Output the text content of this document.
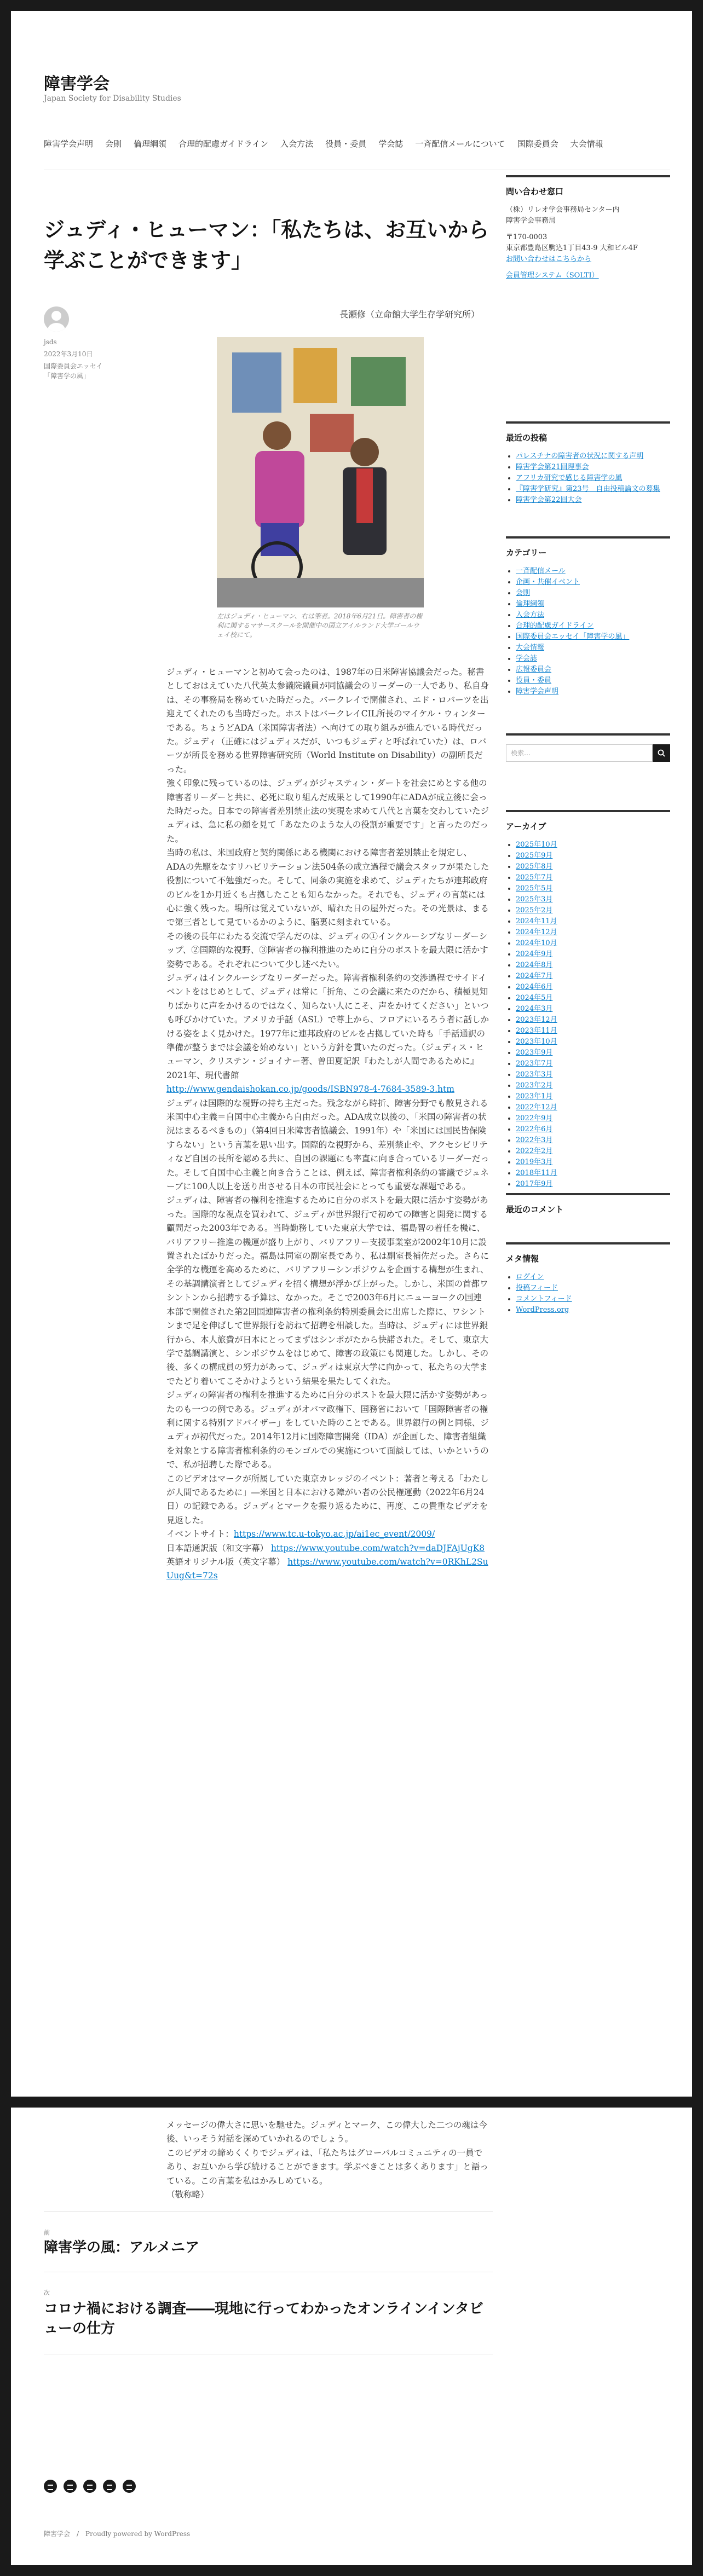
障害学会

Japan Society for Disability Studies

障害学会声明 会則 倫理綱領 合理的配慮ガイドライン 入会方法 役員・委員 学会誌 一斉配信メールについて 国際委員会 大会情報
ジュディ・ヒューマン：「私たちは、お互いから学ぶことができます」
jsds
2022年3月10日
国際委員会エッセイ「障害学の風」
長瀬修（立命館大学生存学研究所）
左はジュディ・ヒューマン、右は筆者。2018年6月21日。障害者の権利に関するマサースクールを開催中の国立アイルランド大学ゴールウェイ校にて。

ジュディ・ヒューマンと初めて会ったのは、1987年の日米障害協議会だった。秘書としておはえていた八代英太参議院議員が同協議会のリーダーの一人であり、私自身は、その事務局を務めていた時だった。バークレイで開催され、エド・ロバーツを出迎えてくれたのも当時だった。ホストはバークレイCIL所長のマイケル・ウィンターである。ちょうどADA（米国障害者法）へ向けての取り組みが進んでいる時代だった。ジュディ（正確にはジュディスだが、いつもジュディと呼ばれていた）は、ロバーツが所長を務める世界障害研究所（World Institute on Disability）の副所長だった。

強く印象に残っているのは、ジュディがジャスティン・ダートを社会にめとする他の障害者リーダーと共に、必死に取り組んだ成果として1990年にADAが成立後に会った時だった。日本での障害者差別禁止法の実現を求めて八代と言葉を交わしていたジュディは、急に私の顔を見て「あなたのような人の役割が重要です」と言ったのだった。

当時の私は、米国政府と契約関係にある機関における障害者差別禁止を規定し、ADAの先駆をなすリハビリテーション法504条の成立過程で議会スタッフが果たした役割について不勉強だった。そして、同条の実施を求めて、ジュディたちが連邦政府のビルを1か月近くも占拠したことも知らなかった。それでも、ジュディの言葉には心に強く残った。場所は覚えていないが、晴れた日の屋外だった。その光景は、まるで第三者として見ているかのように、脳裏に刻まれている。

その後の長年にわたる交流で学んだのは、ジュディの①インクルーシブなリーダーシップ、②国際的な視野、③障害者の権利推進のために自分のポストを最大限に活かす姿勢である。それぞれについて少し述べたい。

ジュディはインクルーシブなリーダーだった。障害者権利条約の交渉過程でサイドイベントをはじめとして、ジュディは常に「折角、この会議に来たのだから、積極見知りばかりに声をかけるのではなく、知らない人にこそ、声をかけてください」といつも呼びかけていた。アメリカ手話（ASL）で尊上から、フロアにいるろう者に話しかける姿をよく見かけた。1977年に連邦政府のビルを占拠していた時も「手話通訳の準備が整うまでは会議を始めない」という方針を貫いたのだった。（ジュディス・ヒューマン、クリステン・ジョイナー著、曽田夏記訳『わたしが人間であるために』2021年、現代書館

http://www.gendaishokan.co.jp/goods/ISBN978-4-7684-3589-3.htm

ジュディは国際的な視野の持ち主だった。残念ながら時折、障害分野でも散見される米国中心主義＝自国中心主義から自由だった。ADA成立以後の、「米国の障害者の状況はまるるべきもの」（第4回日米障害者協議会、1991年）や「米国には国民皆保険すらない」という言葉を思い出す。国際的な視野から、差別禁止や、アクセシビリティなど自国の長所を認める共に、自国の課題にも率直に向き合っているリーダーだった。そして自国中心主義と向き合うことは、例えば、障害者権利条約の審議でジュネーブに100人以上を送り出させる日本の市民社会にとっても重要な課題である。

ジュディは、障害者の権利を推進するために自分のポストを最大限に活かす姿勢があった。国際的な視点を買われて、ジュディが世界銀行で初めての障害と開発に関する顧問だった2003年である。当時勤務していた東京大学では、福島智の着任を機に、バリアフリー推進の機運が盛り上がり、バリアフリー支援事業室が2002年10月に設置されたばかりだった。福島は同室の副室長であり、私は副室長補佐だった。さらに全学的な機運を高めるために、バリアフリーシンポジウムを企画する構想が生まれ、その基調講演者としてジュディを招く構想が浮かび上がった。しかし、米国の首都ワシントンから招聘する予算は、なかった。そこで2003年6月にニューヨークの国連本部で開催された第2回国連障害者の権利条約特別委員会に出席した際に、ワシントンまで足を伸ばして世界銀行を訪ねて招聘を相談した。当時は、ジュディには世界銀行から、本人旅費が日本にとってまずはシンポがたから快諾された。そして、東京大学で基調講演と、シンポジウムをはじめて、障害の政策にも関連した。しかし、その後、多くの構成員の努力があって、ジュディは東京大学に向かって、私たちの大学までたどり着いてこそかけようという結果を果たしてくれた。

ジュディの障害者の権利を推進するために自分のポストを最大限に活かす姿勢があったのも一つの例である。ジュディがオバマ政権下、国務省において「国際障害者の権利に関する特別アドバイザー」をしていた時のことである。世界銀行の例と同様、ジュディが初代だった。2014年12月に国際障害開発（IDA）が企画した、障害者組織を対象とする障害者権利条約のモンゴルでの実施について面談しては、いかというので、私が招聘した際である。

このビデオはマークが所属していた東京カレッジのイベント：著者と考える「わたしが人間であるために」―米国と日本における障がい者の公民権運動（2022年6月24日）の記録である。ジュディとマークを振り返るために、再度、この貴重なビデオを見返した。

イベントサイト：https://www.tc.u-tokyo.ac.jp/ai1ec_event/2009/

日本語通訳版（和文字幕） https://www.youtube.com/watch?v=daDJFAjUgK8

英語オリジナル版（英文字幕） https://www.youtube.com/watch?v=0RKhL2SuUug&t=72s

問い合わせ窓口
（株）リレオ学会事務局センター内
障害学会事務局
〒170-0003
東京都豊島区駒込1丁目43-9 大和ビル4F
お問い合わせはこちらから
会員管理システム（SOLTI）
最近の投稿
• パレスチナの障害者の状況に関する声明
• 障害学会第21回理事会
• アフリカ研究で感じる障害学の風
• 『障害学研究』第23号　自由投稿論文の募集
• 障害学会第22回大会
カテゴリー
• 一斉配信メール
• 企画・共催イベント
• 会則
• 倫理綱領
• 入会方法
• 合理的配慮ガイドライン
• 国際委員会エッセイ「障害学の風」
• 大会情報
• 学会誌
• 広報委員会
• 役員・委員
• 障害学会声明
検索…
アーカイブ
• 2025年10月
• 2025年9月
• 2025年8月
• 2025年7月
• 2025年5月
• 2025年3月
• 2025年2月
• 2024年11月
• 2024年12月
• 2024年10月
• 2024年9月
• 2024年8月
• 2024年7月
• 2024年6月
• 2024年5月
• 2024年3月
• 2023年12月
• 2023年11月
• 2023年10月
• 2023年9月
• 2023年7月
• 2023年3月
• 2023年2月
• 2023年1月
• 2022年12月
• 2022年9月
• 2022年6月
• 2022年3月
• 2022年2月
• 2019年3月
• 2018年11月
• 2017年9月
最近のコメント
メタ情報
• ログイン
• 投稿フィード
• コメントフィード
• WordPress.org

メッセージの偉大さに思いを馳せた。ジュディとマーク、この偉大した二つの魂は今後、いっそう対話を深めていかれるのでしょう。

このビデオの締めくくりでジュディは、「私たちはグローバルコミュニティの一員であり、お互いから学び続けることができます。学ぶべきことは多くあります」と語っている。この言葉を私はかみしめている。

（敬称略）

前
障害学の風：アルメニア
次
コロナ禍における調査――現地に行ってわかったオンラインインタビューの仕方
障害学会　/　Proudly powered by WordPress
